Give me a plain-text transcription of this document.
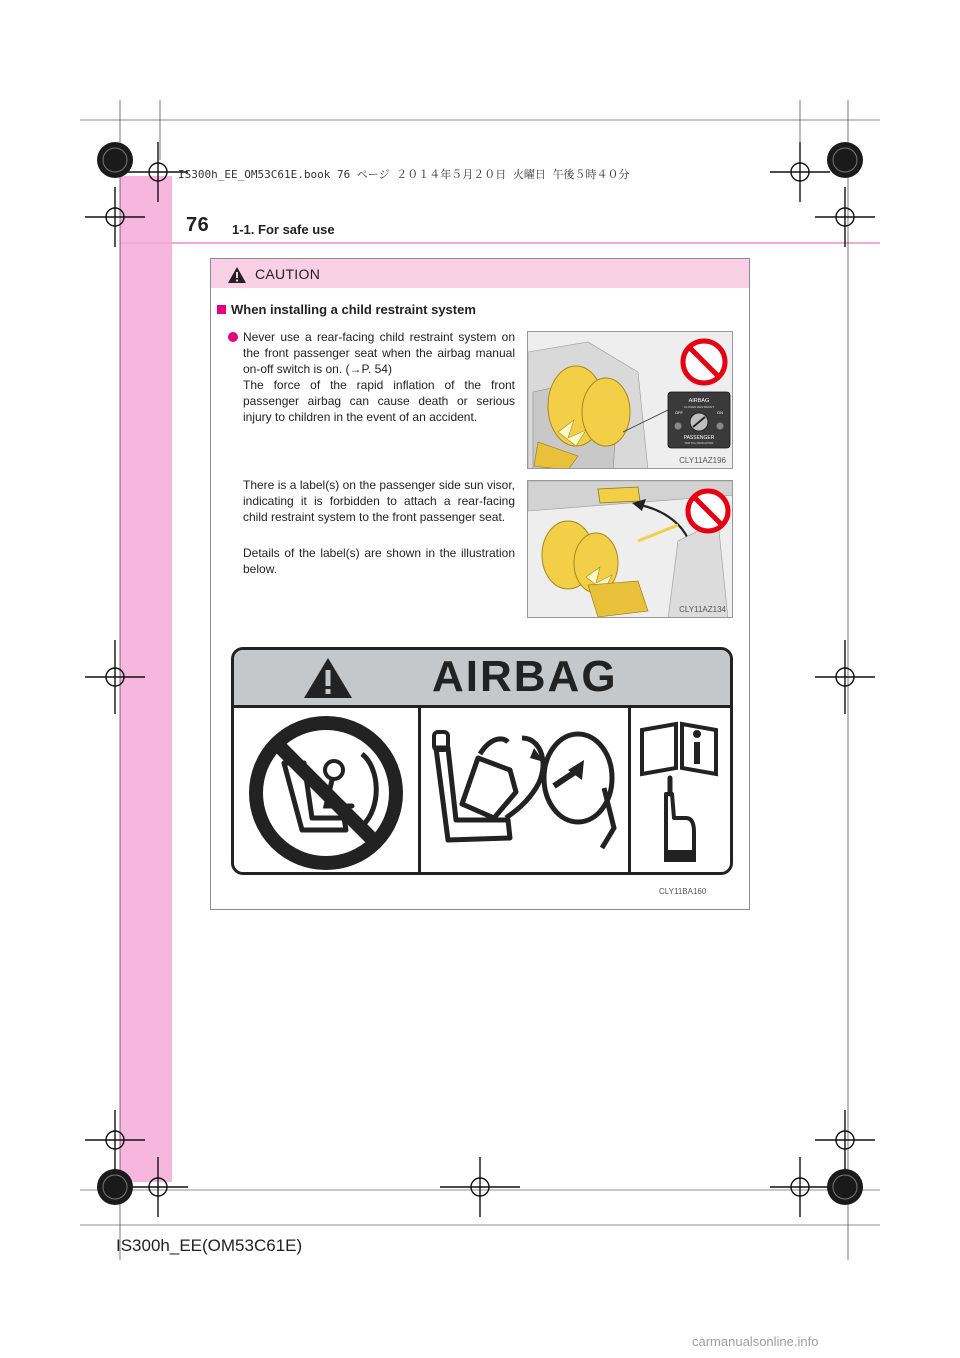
IS300h_EE_OM53C61E.book 76 ページ ２０１４年５月２０日 火曜日 午後５時４０分
76 1-1. For safe use
IS300h_EE(OM53C61E)
carmanualsonline.info
CAUTION
When installing a child restraint system
Never use a rear-facing child restraint system on the front passenger seat when the airbag manual on-off switch is on. (→P. 54)
The force of the rapid inflation of the front passenger airbag can cause death or serious injury to children in the event of an accident.
There is a label(s) on the passenger side sun visor, indicating it is forbidden to attach a rear-facing child restraint system to the front passenger seat.
Details of the label(s) are shown in the illustration below.
AIRBAG
CLOSED RESTRAINT
OFF	ON
PASSENGER
SWITCH INDICATOR
CLY11AZ196
CLY11AZ134
AIRBAG
CLY11BA160
